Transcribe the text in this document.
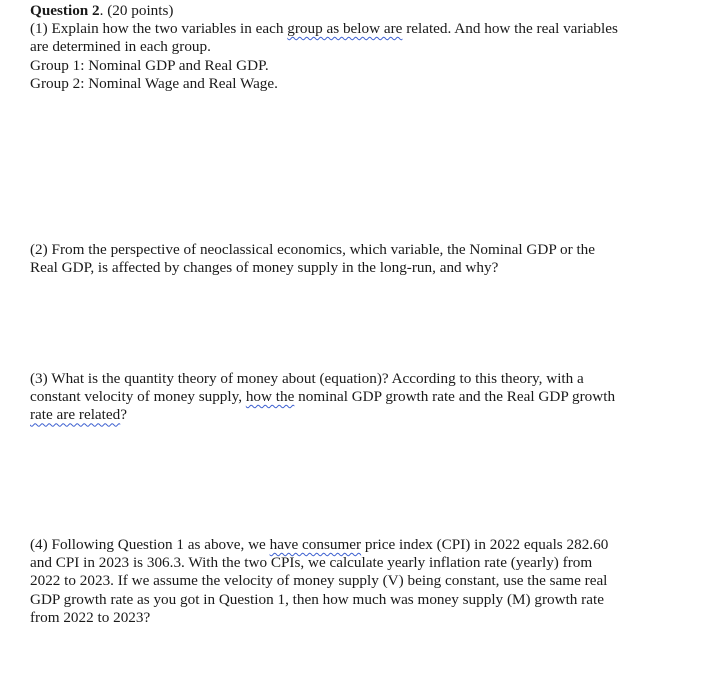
Question 2. (20 points)
(1) Explain how the two variables in each group as below are related. And how the real variables
are determined in each group.
Group 1: Nominal GDP and Real GDP.
Group 2: Nominal Wage and Real Wage.
(2) From the perspective of neoclassical economics, which variable, the Nominal GDP or the
Real GDP, is affected by changes of money supply in the long-run, and why?
(3) What is the quantity theory of money about (equation)? According to this theory, with a
constant velocity of money supply, how the nominal GDP growth rate and the Real GDP growth
rate are related?
(4) Following Question 1 as above, we have consumer price index (CPI) in 2022 equals 282.60
and CPI in 2023 is 306.3. With the two CPIs, we calculate yearly inflation rate (yearly) from
2022 to 2023. If we assume the velocity of money supply (V) being constant, use the same real
GDP growth rate as you got in Question 1, then how much was money supply (M) growth rate
from 2022 to 2023?
